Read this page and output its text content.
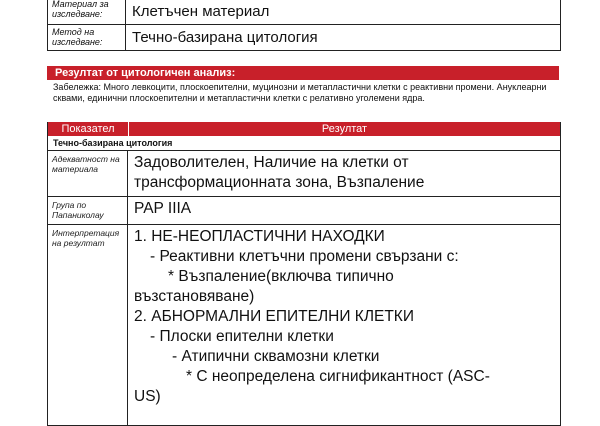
Материал за изследване:	Клетъчен материал
Метод на изследване:	Течно-базирана цитология
Резултат от цитологичен анализ:
Забележка: Много левкоцити, плоскоепителни, муцинозни и метапластични клетки с реактивни промени. Ануклеарни сквами, единични плоскоепителни и метапластични клетки с релативно уголемени ядра.
Показател	Резултат
Течно-базирана цитология
Адекватност на материала	Задоволителен, Наличие на клетки от трансформационната зона, Възпаление
Група по Папаниколау	PAP IIIA
Интерпретация на резултат	1. НЕ-НЕОПЛАСТИЧНИ НАХОДКИ
- Реактивни клетъчни промени свързани с:
* Възпаление(включва типично
възстановяване)
2. АБНОРМАЛНИ ЕПИТЕЛНИ КЛЕТКИ
- Плоски епителни клетки
- Атипични сквамозни клетки
* С неопределена сигнификантност (ASC-
US)
